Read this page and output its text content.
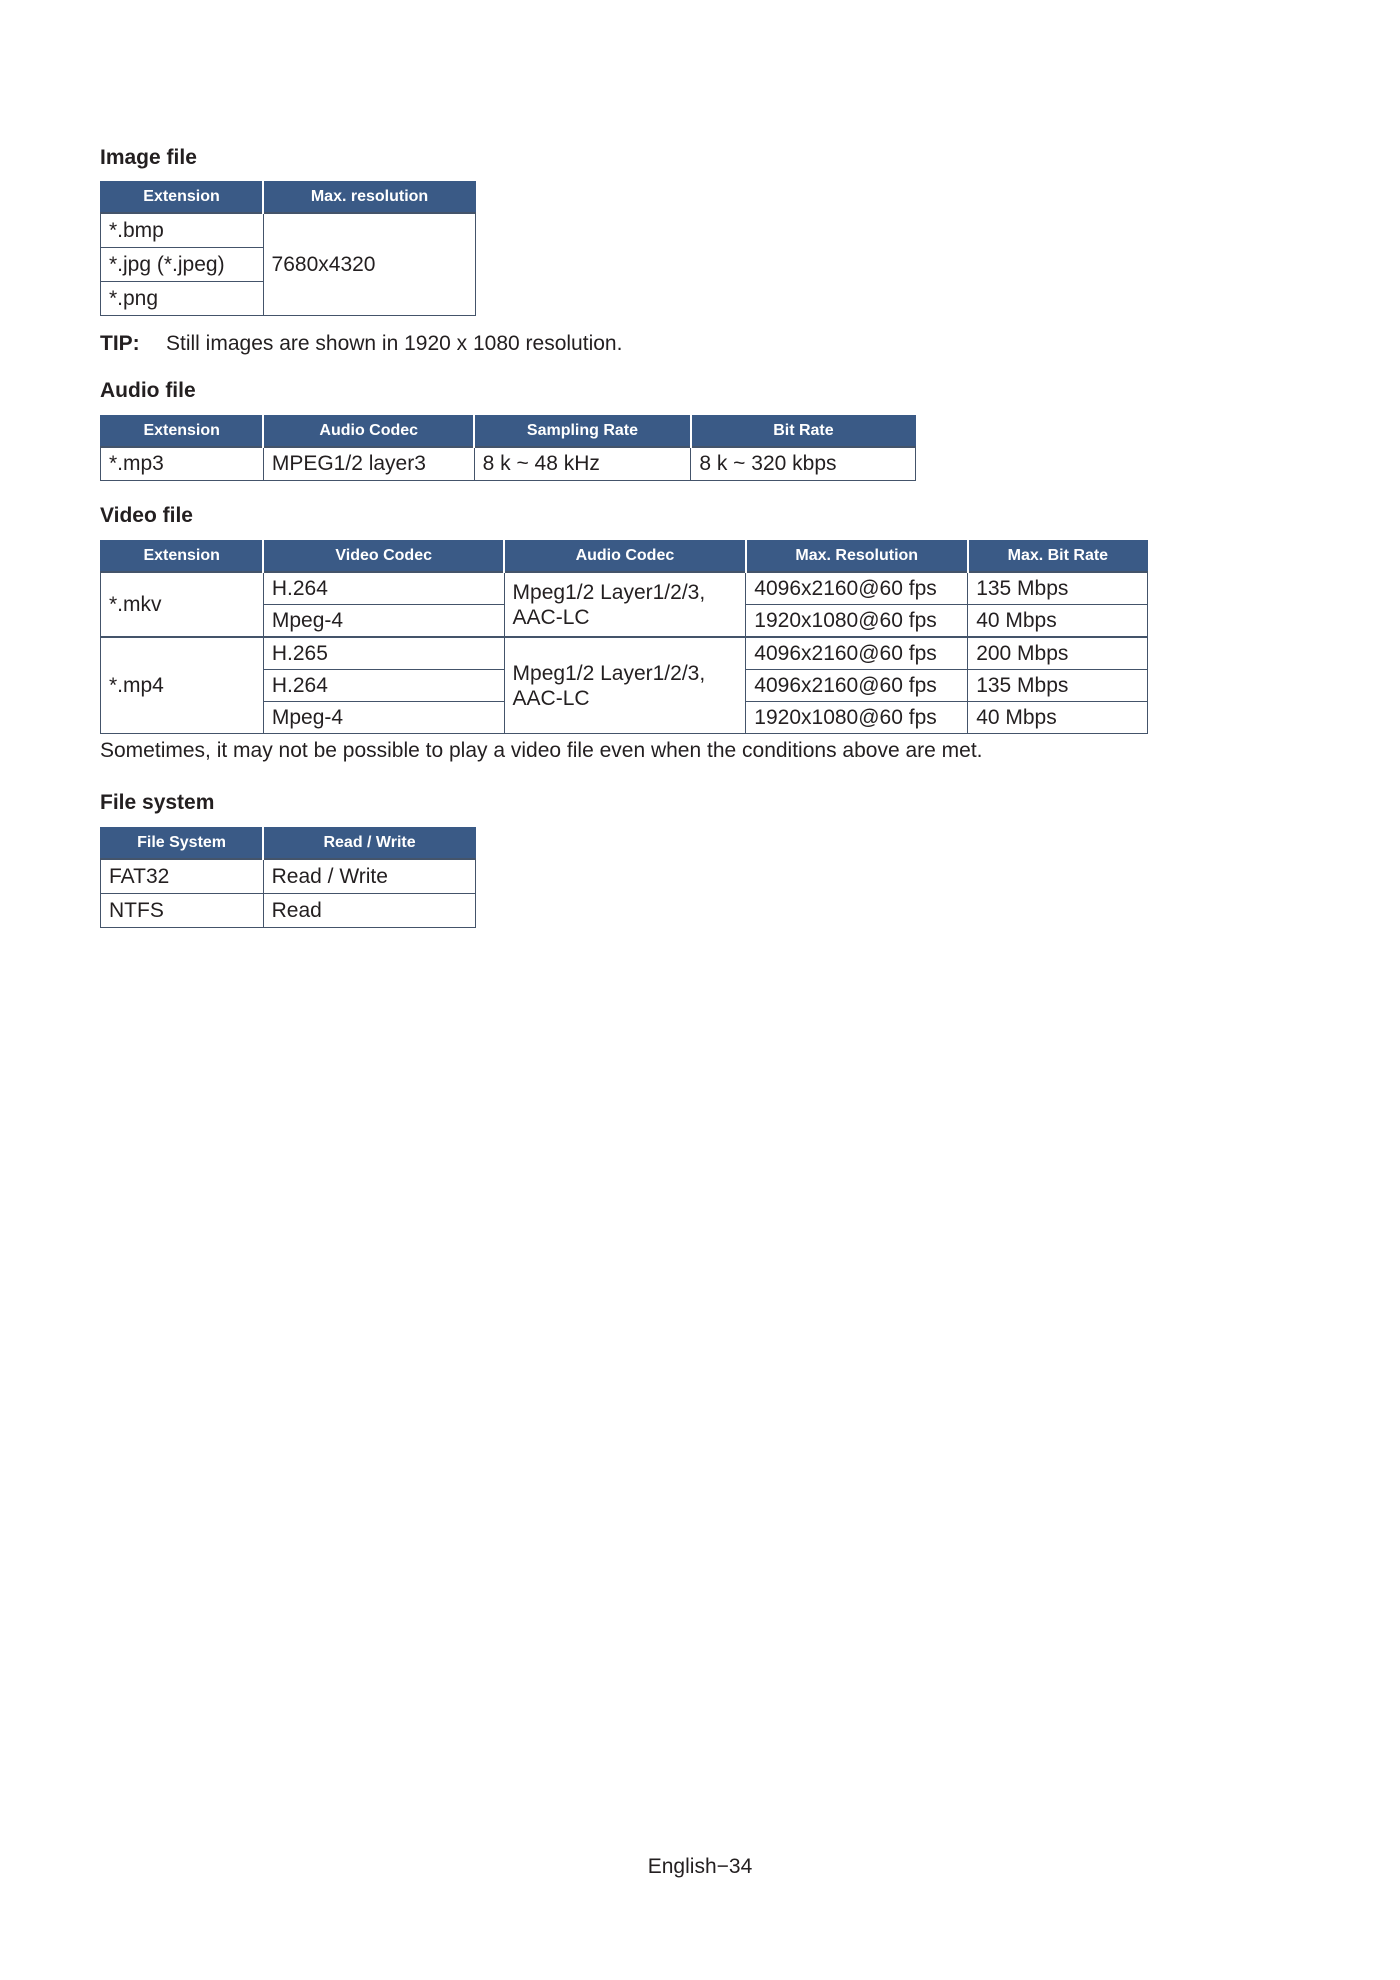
Image file
Extension	Max. resolution
*.bmp	7680x4320
*.jpg (*.jpeg)	
*.png	
TIP: Still images are shown in 1920 x 1080 resolution.
Audio file
Extension	Audio Codec	Sampling Rate	Bit Rate
*.mp3	MPEG1/2 layer3	8 k ~ 48 kHz	8 k ~ 320 kbps
Video file
Extension	Video Codec	Audio Codec	Max. Resolution	Max. Bit Rate
*.mkv	H.264	Mpeg1/2 Layer1/2/3, AAC-LC	4096x2160@60 fps	135 Mbps
	Mpeg-4		1920x1080@60 fps	40 Mbps
*.mp4	H.265	Mpeg1/2 Layer1/2/3, AAC-LC	4096x2160@60 fps	200 Mbps
	H.264		4096x2160@60 fps	135 Mbps
	Mpeg-4		1920x1080@60 fps	40 Mbps

Sometimes, it may not be possible to play a video file even when the conditions above are met.

File system
File System	Read / Write
FAT32	Read / Write
NTFS	Read
English−34
